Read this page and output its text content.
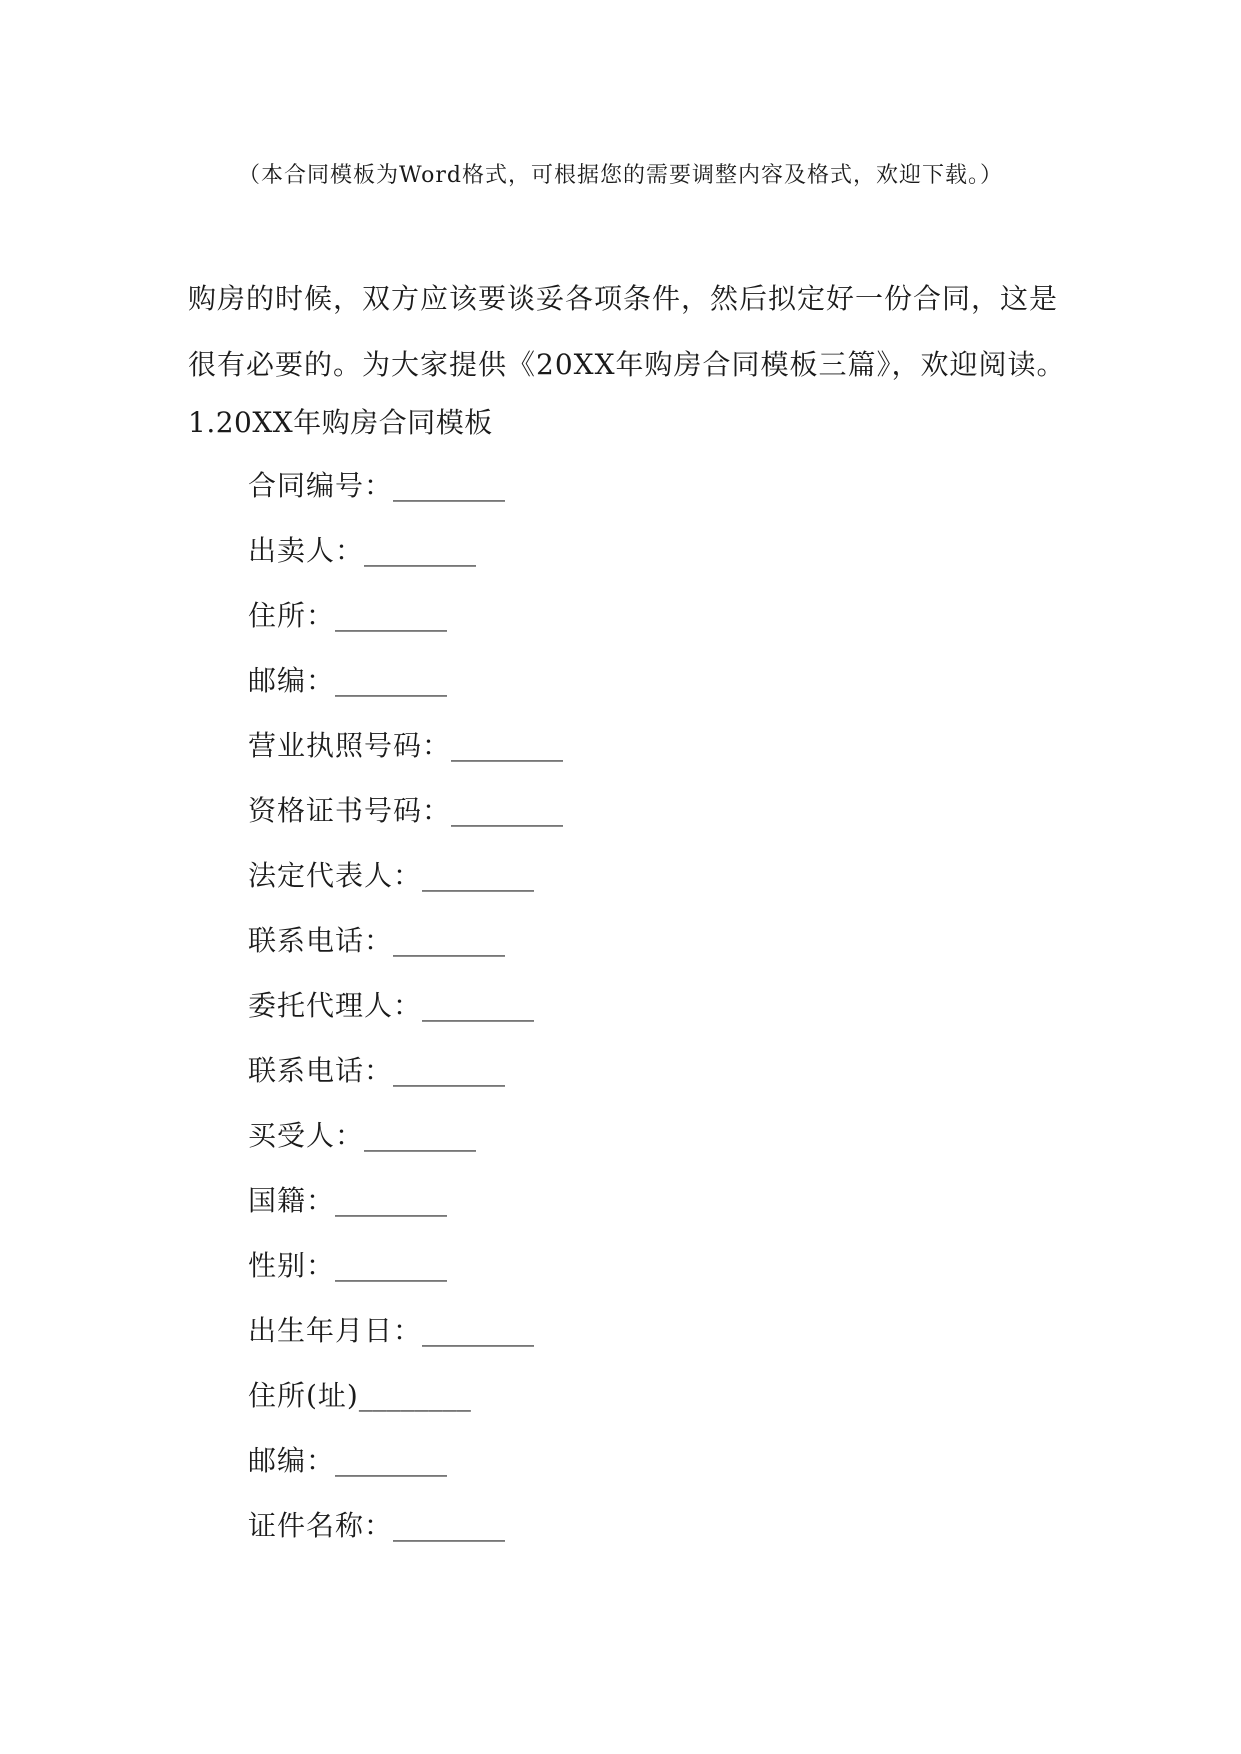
（本合同模板为Word格式，可根据您的需要调整内容及格式，欢迎下载。）

购房的时候，双方应该要谈妥各项条件，然后拟定好一份合同，这是

很有必要的。为大家提供《20XX年购房合同模板三篇》，欢迎阅读。

1.20XX年购房合同模板
合同编号：________
出卖人：________
住所：________
邮编：________
营业执照号码：________
资格证书号码：________
法定代表人：________
联系电话：________
委托代理人：________
联系电话：________
买受人：________
国籍：________
性别：________
出生年月日：________
住所(址)________
邮编：________
证件名称：________
